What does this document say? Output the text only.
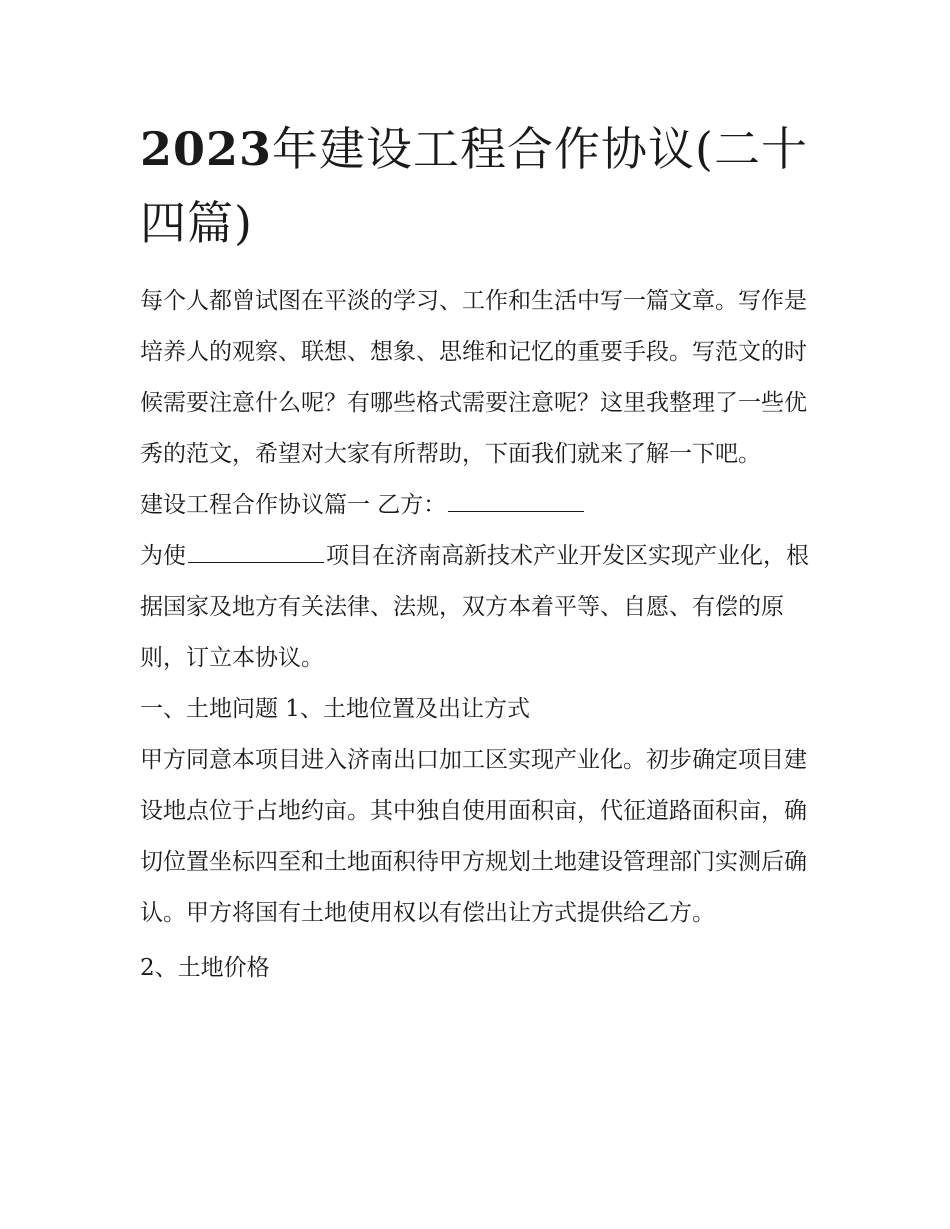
2023年建设工程合作协议(二十四篇)

每个人都曾试图在平淡的学习、工作和生活中写一篇文章。写作是培养人的观察、联想、想象、思维和记忆的重要手段。写范文的时候需要注意什么呢？有哪些格式需要注意呢？这里我整理了一些优秀的范文，希望对大家有所帮助，下面我们就来了解一下吧。

建设工程合作协议篇一 乙方：

为使	项目在济南高新技术产业开发区实现产业化，根据国家及地方有关法律、法规，双方本着平等、自愿、有偿的原则，订立本协议。

一、土地问题 1、土地位置及出让方式

甲方同意本项目进入济南出口加工区实现产业化。初步确定项目建设地点位于占地约亩。其中独自使用面积亩，代征道路面积亩，确切位置坐标四至和土地面积待甲方规划土地建设管理部门实测后确认。甲方将国有土地使用权以有偿出让方式提供给乙方。

2、土地价格
